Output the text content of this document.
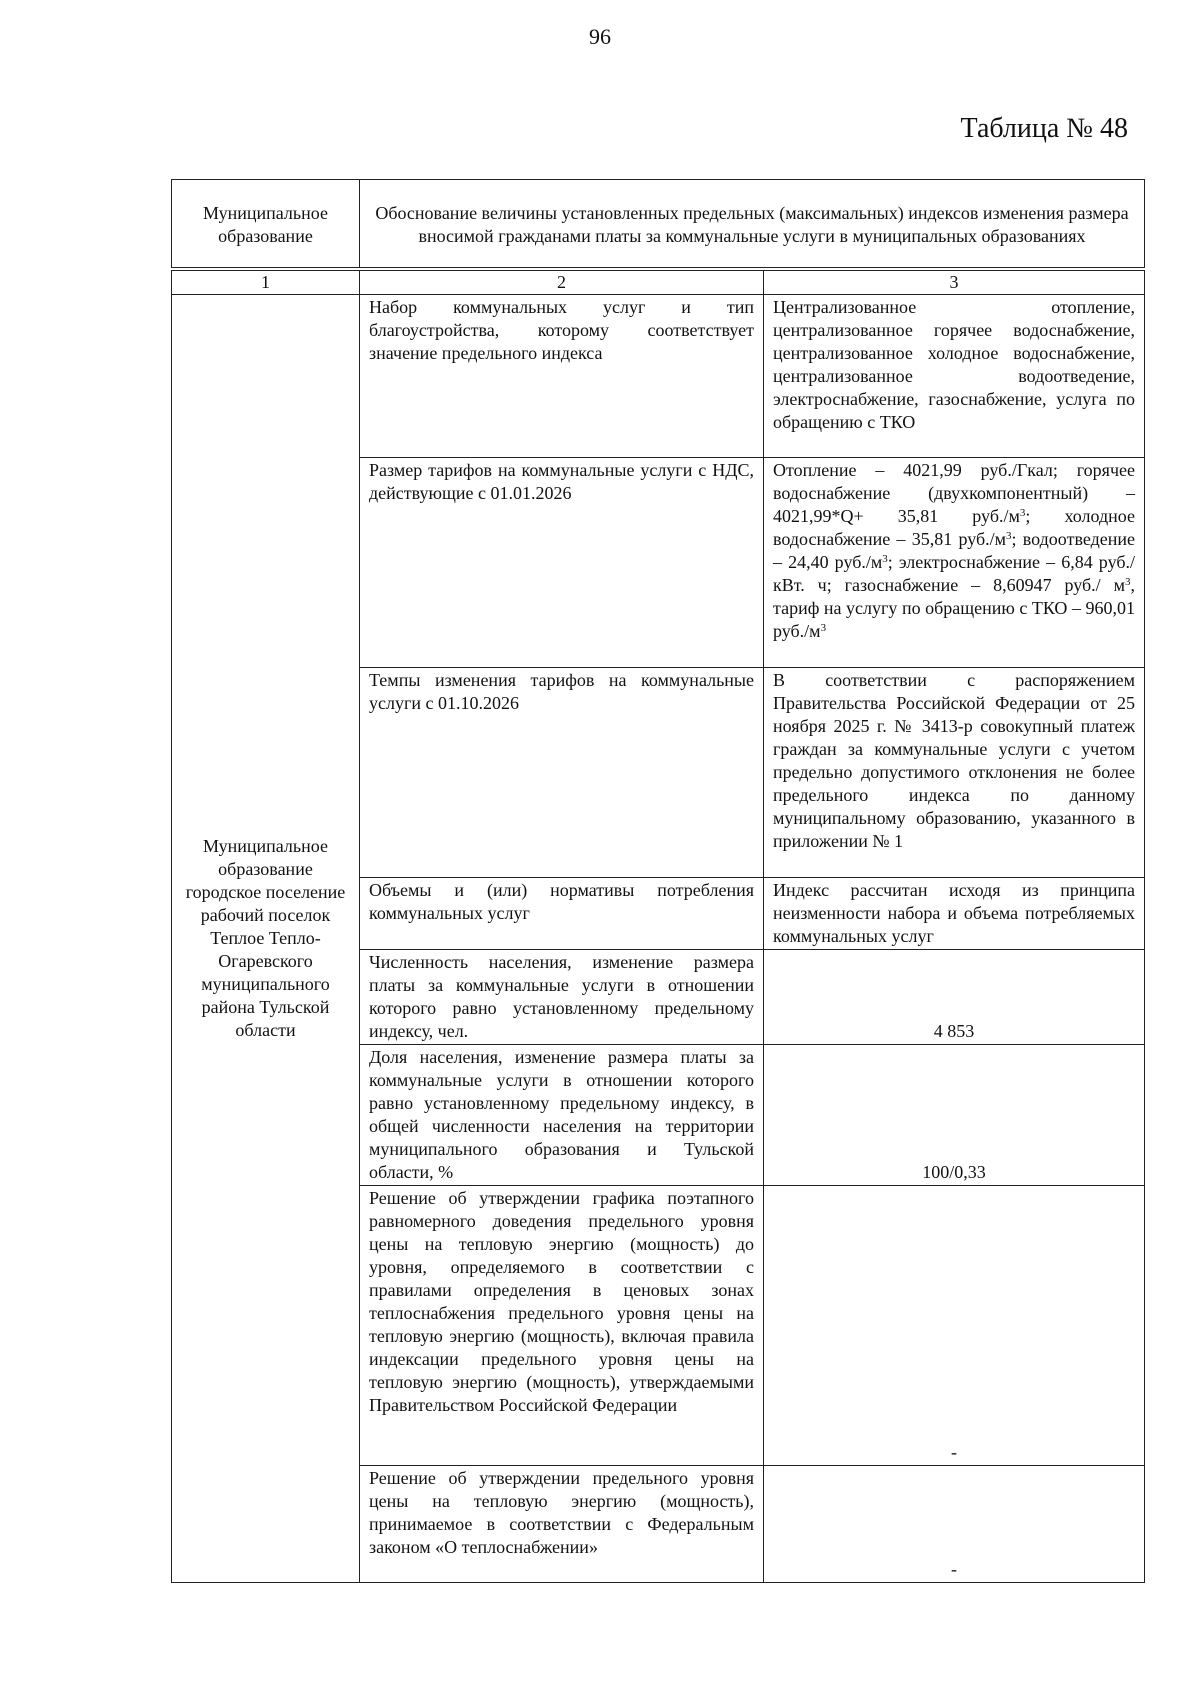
96
Таблица № 48
Муниципальное образование	Обоснование величины установленных предельных (максимальных) индексов изменения размера вносимой гражданами платы за коммунальные услуги в муниципальных образованиях	

1	2	3
Муниципальное образование городское поселение рабочий поселок Теплое Тепло-Огаревского муниципального района Тульской области	Набор коммунальных услуг и тип благоустройства, которому соответствует значение предельного индекса	Централизованное отопление, централизованное горячее водоснабжение, централизованное холодное водоснабжение, централизованное водоотведение, электроснабжение, газоснабжение, услуга по обращению с ТКО
	Размер тарифов на коммунальные услуги с НДС, действующие с 01.01.2026	Отопление – 4021,99 руб./Гкал; горячее водоснабжение (двухкомпонентный) – 4021,99*Q+ 35,81 $руб./м^3$; холодное водоснабжение – 35,81 $руб./м^3$; водоотведение – 24,40 $руб./м^3$; электроснабжение – 6,84 руб./кВт. ч; газоснабжение – 8,60947 руб./ $м^3$, тариф на услугу по обращению с ТКО – 960,01 $руб./м^3$
	Темпы изменения тарифов на коммунальные услуги с 01.10.2026	В соответствии с распоряжением Правительства Российской Федерации от 25 ноября 2025 г. № 3413-р совокупный платеж граждан за коммунальные услуги с учетом предельно допустимого отклонения не более предельного индекса по данному муниципальному образованию, указанного в приложении № 1
	Объемы и (или) нормативы потребления коммунальных услуг	Индекс рассчитан исходя из принципа неизменности набора и объема потребляемых коммунальных услуг
	Численность населения, изменение размера платы за коммунальные услуги в отношении которого равно установленному предельному индексу, чел.	4 853
	Доля населения, изменение размера платы за коммунальные услуги в отношении которого равно установленному предельному индексу, в общей численности населения на территории муниципального образования и Тульской области, %	100/0,33
	Решение об утверждении графика поэтапного равномерного доведения предельного уровня цены на тепловую энергию (мощность) до уровня, определяемого в соответствии с правилами определения в ценовых зонах теплоснабжения предельного уровня цены на тепловую энергию (мощность), включая правила индексации предельного уровня цены на тепловую энергию (мощность), утверждаемыми Правительством Российской Федерации	-
	Решение об утверждении предельного уровня цены на тепловую энергию (мощность), принимаемое в соответствии с Федеральным законом «О теплоснабжении»	-
